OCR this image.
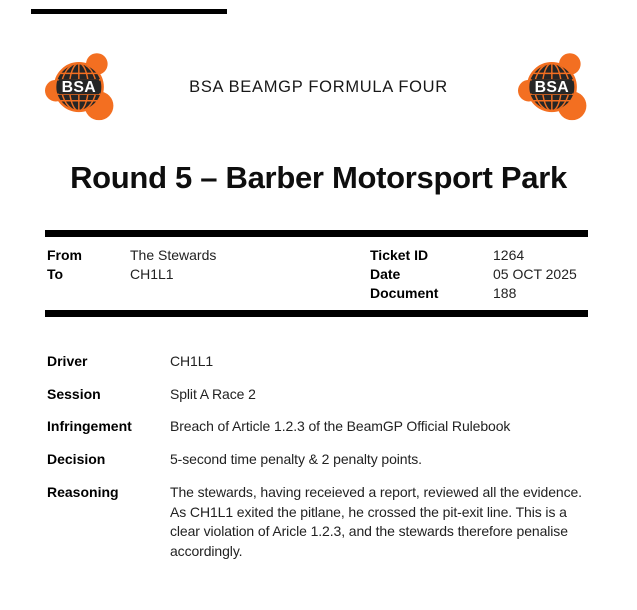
BSA	BSA BEAMGP FORMULA FOUR	BSA
Round 5 – Barber Motorsport Park
From	The Stewards
To	CH1L1
Ticket ID	1264
Date	05 OCT 2025
Document	188
Driver	CH1L1
Session	Split A Race 2
Infringement	Breach of Article 1.2.3 of the BeamGP Official Rulebook
Decision	5-second time penalty & 2 penalty points.
Reasoning	The stewards, having receieved a report, reviewed all the evidence. As CH1L1 exited the pitlane, he crossed the pit-exit line. This is a clear violation of Aricle 1.2.3, and the stewards therefore penalise accordingly.
